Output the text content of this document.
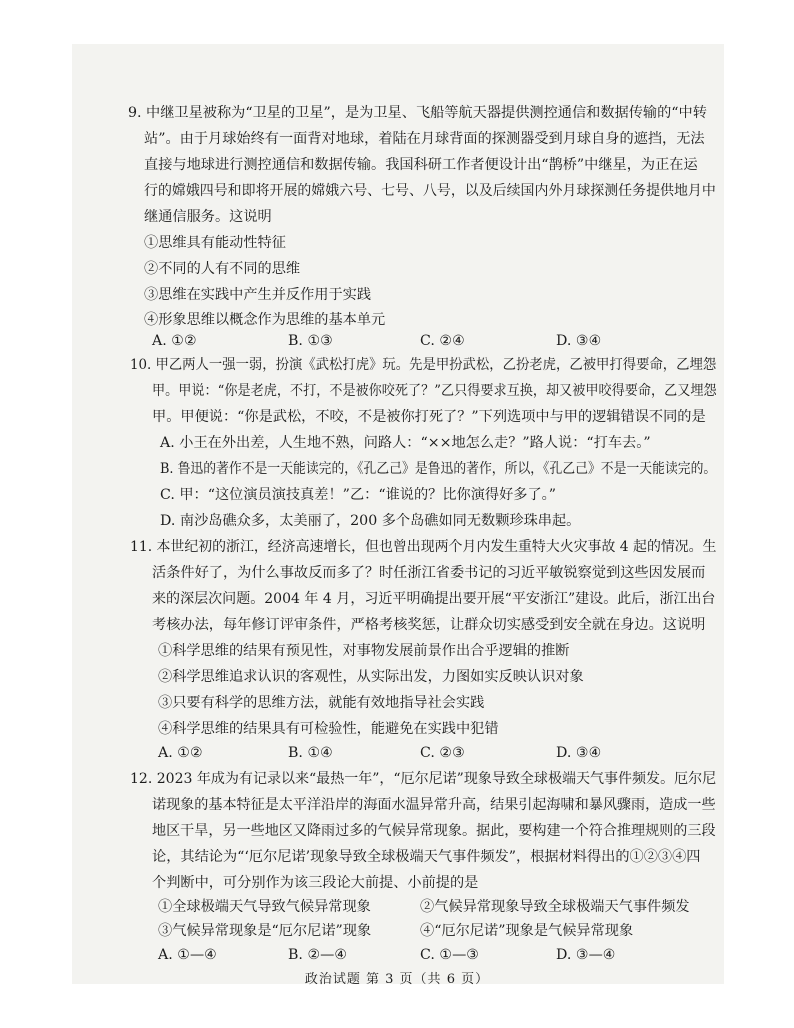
9. 中继卫星被称为“卫星的卫星”，是为卫星、飞船等航天器提供测控通信和数据传输的“中转
站”。由于月球始终有一面背对地球，着陆在月球背面的探测器受到月球自身的遮挡，无法
直接与地球进行测控通信和数据传输。我国科研工作者便设计出“鹊桥”中继星，为正在运
行的嫦娥四号和即将开展的嫦娥六号、七号、八号，以及后续国内外月球探测任务提供地月中
继通信服务。这说明
①思维具有能动性特征
②不同的人有不同的思维
③思维在实践中产生并反作用于实践
④形象思维以概念作为思维的基本单元
A. ①②	B. ①③	C. ②④	D. ③④
10. 甲乙两人一强一弱，扮演《武松打虎》玩。先是甲扮武松，乙扮老虎，乙被甲打得要命，乙埋怨
甲。甲说：“你是老虎，不打，不是被你咬死了？”乙只得要求互换，却又被甲咬得要命，乙又埋怨
甲。甲便说：“你是武松，不咬，不是被你打死了？”下列选项中与甲的逻辑错误不同的是
A. 小王在外出差，人生地不熟，问路人：“××地怎么走？”路人说：“打车去。”
B. 鲁迅的著作不是一天能读完的，《孔乙己》是鲁迅的著作，所以，《孔乙己》不是一天能读完的。
C. 甲：“这位演员演技真差！”乙：“谁说的？比你演得好多了。”
D. 南沙岛礁众多，太美丽了，200 多个岛礁如同无数颗珍珠串起。
11. 本世纪初的浙江，经济高速增长，但也曾出现两个月内发生重特大火灾事故 4 起的情况。生
活条件好了，为什么事故反而多了？时任浙江省委书记的习近平敏锐察觉到这些因发展而
来的深层次问题。2004 年 4 月，习近平明确提出要开展“平安浙江”建设。此后，浙江出台
考核办法，每年修订评审条件，严格考核奖惩，让群众切实感受到安全就在身边。这说明
①科学思维的结果有预见性，对事物发展前景作出合乎逻辑的推断
②科学思维追求认识的客观性，从实际出发，力图如实反映认识对象
③只要有科学的思维方法，就能有效地指导社会实践
④科学思维的结果具有可检验性，能避免在实践中犯错
A. ①②	B. ①④	C. ②③	D. ③④
12. 2023 年成为有记录以来“最热一年”，“厄尔尼诺”现象导致全球极端天气事件频发。厄尔尼
诺现象的基本特征是太平洋沿岸的海面水温异常升高，结果引起海啸和暴风骤雨，造成一些
地区干旱，另一些地区又降雨过多的气候异常现象。据此，要构建一个符合推理规则的三段
论，其结论为“‘厄尔尼诺’现象导致全球极端天气事件频发”，根据材料得出的①②③④四
个判断中，可分别作为该三段论大前提、小前提的是
①全球极端天气导致气候异常现象	②气候异常现象导致全球极端天气事件频发
③气候异常现象是“厄尔尼诺”现象	④“厄尔尼诺”现象是气候异常现象
A. ①—④	B. ②—④	C. ①—③	D. ③—④
政治试题 第 3 页（共 6 页）
